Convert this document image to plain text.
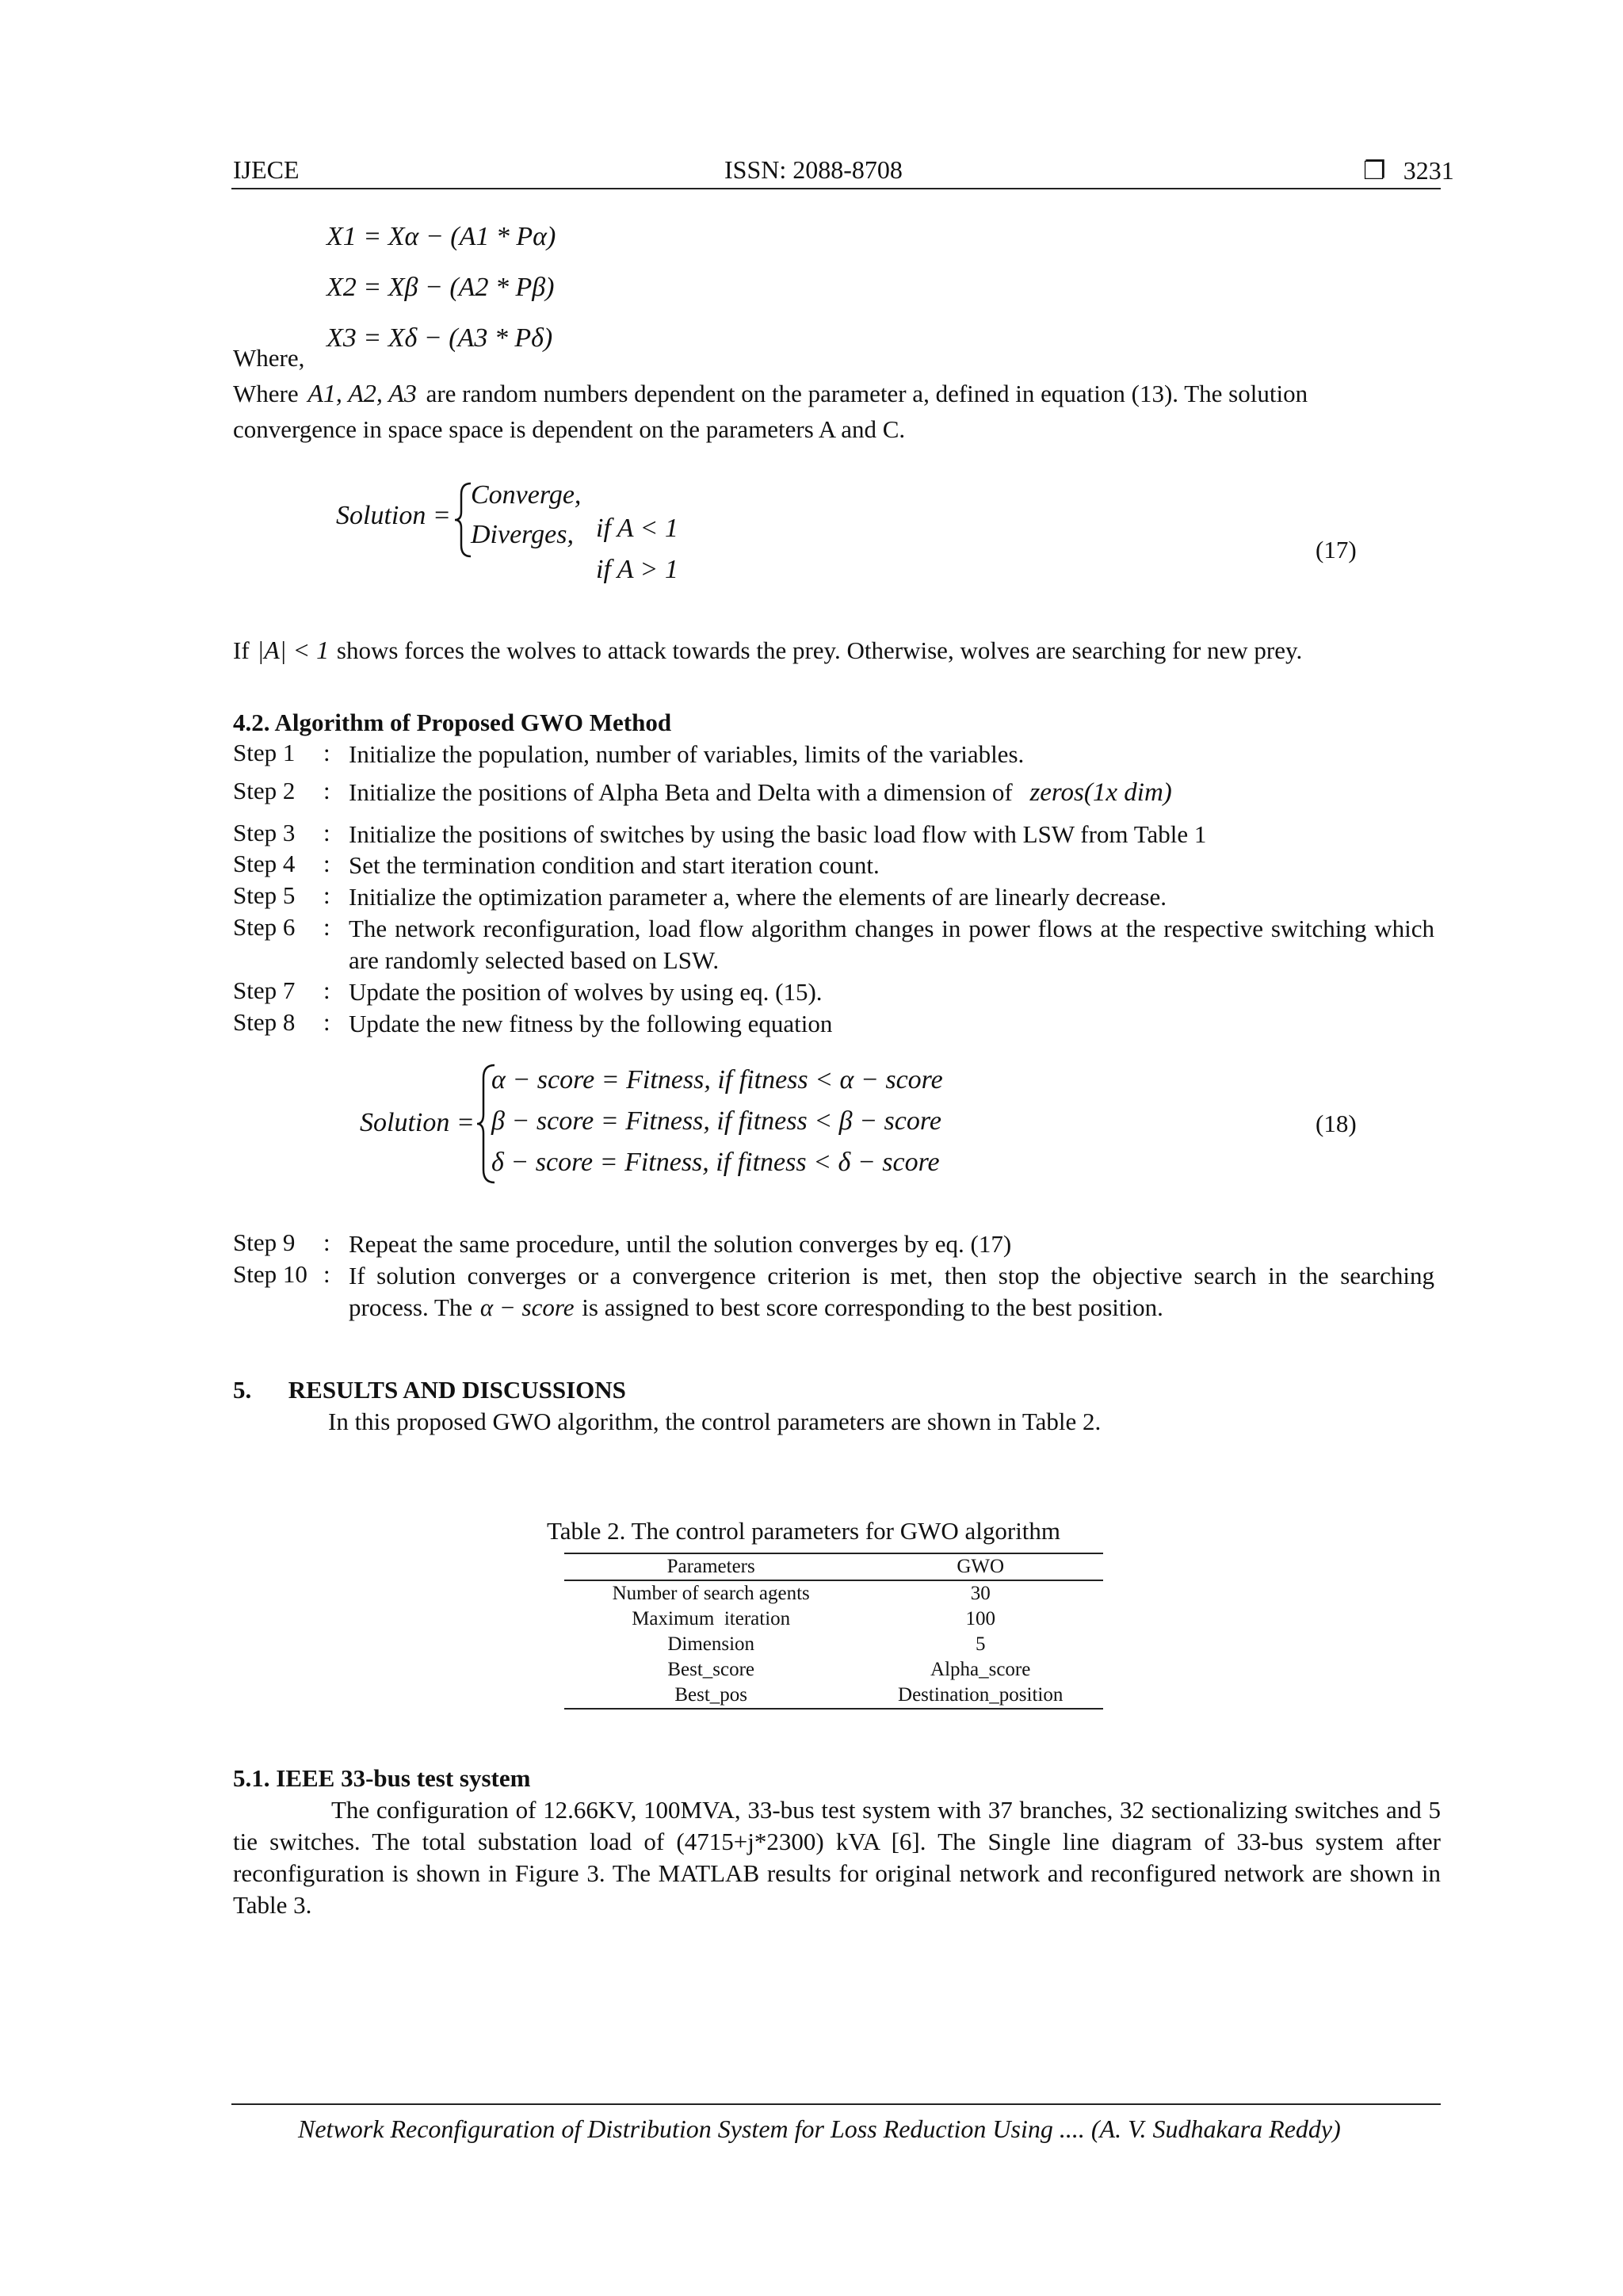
IJECE	ISSN: 2088-8708	❐ 3231
X1 = Xα − (A1 * Pα)
X2 = Xβ − (A2 * Pβ)
X3 = Xδ − (A3 * Pδ)
Where,
Where A1, A2, A3 are random numbers dependent on the parameter a, defined in equation (13). The solution
convergence in space space is dependent on the parameters A and C.
Solution =
Converge,
Diverges, if A < 1
if A > 1
(17)
If |A| < 1 shows forces the wolves to attack towards the prey. Otherwise, wolves are searching for new prey.
4.2. Algorithm of Proposed GWO Method
Step 1 : Initialize the population, number of variables, limits of the variables.
Step 2 : Initialize the positions of Alpha Beta and Delta with a dimension of zeros(1x dim)
Step 3 : Initialize the positions of switches by using the basic load flow with LSW from Table 1
Step 4 : Set the termination condition and start iteration count.
Step 5 : Initialize the optimization parameter a, where the elements of are linearly decrease.
Step 6 : The network reconfiguration, load flow algorithm changes in power flows at the respective switching which are randomly selected based on LSW.
Step 7 : Update the position of wolves by using eq. (15).
Step 8 : Update the new fitness by the following equation
Solution =
α − score = Fitness, if fitness < α − score
β − score = Fitness, if fitness < β − score
δ − score = Fitness, if fitness < δ − score
(18)
Step 9 : Repeat the same procedure, until the solution converges by eq. (17)
Step 10 : If solution converges or a convergence criterion is met, then stop the objective search in the searching process. The α − score is assigned to best score corresponding to the best position.
5.      RESULTS AND DISCUSSIONS
In this proposed GWO algorithm, the control parameters are shown in Table 2.
Table 2. The control parameters for GWO algorithm
Parameters	GWO
Number of search agents	30
Maximum  iteration	100
Dimension	5
Best_score	Alpha_score
Best_pos	Destination_position
5.1. IEEE 33-bus test system
The configuration of 12.66KV, 100MVA, 33-bus test system with 37 branches, 32 sectionalizing switches and 5 tie switches. The total substation load of (4715+j*2300) kVA [6]. The Single line diagram of 33-bus system after reconfiguration is shown in Figure 3. The MATLAB results for original network and reconfigured network are shown in Table 3.
Network Reconfiguration of Distribution System for Loss Reduction Using .... (A. V. Sudhakara Reddy)
